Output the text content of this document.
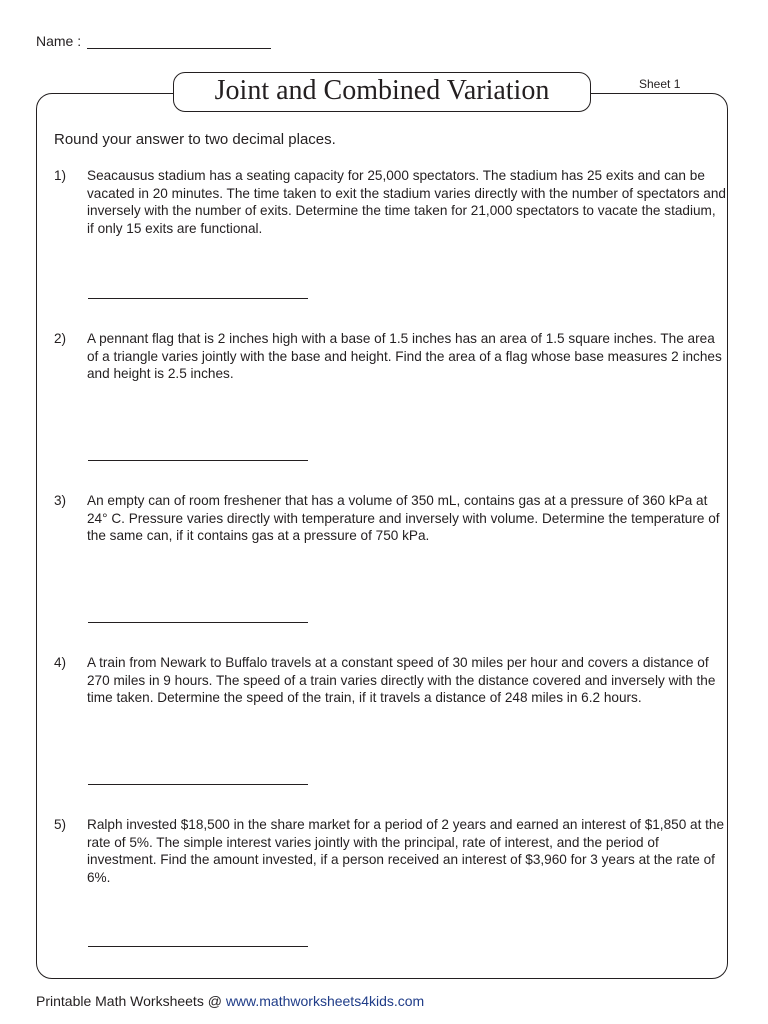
Name :
Joint and Combined Variation	Sheet 1
Round your answer to two decimal places.
1) Seacausus stadium has a seating capacity for 25,000 spectators. The stadium has 25 exits and can be vacated in 20 minutes. The time taken to exit the stadium varies directly with the number of spectators and inversely with the number of exits. Determine the time taken for 21,000 spectators to vacate the stadium, if only 15 exits are functional.
2) A pennant flag that is 2 inches high with a base of 1.5 inches has an area of 1.5 square inches. The area of a triangle varies jointly with the base and height. Find the area of a flag whose base measures 2 inches and height is 2.5 inches.
3) An empty can of room freshener that has a volume of 350 mL, contains gas at a pressure of 360 kPa at 24° C. Pressure varies directly with temperature and inversely with volume. Determine the temperature of the same can, if it contains gas at a pressure of 750 kPa.
4) A train from Newark to Buffalo travels at a constant speed of 30 miles per hour and covers a distance of 270 miles in 9 hours. The speed of a train varies directly with the distance covered and inversely with the time taken. Determine the speed of the train, if it travels a distance of 248 miles in 6.2 hours.
5) Ralph invested $18,500 in the share market for a period of 2 years and earned an interest of $1,850 at the rate of 5%. The simple interest varies jointly with the principal, rate of interest, and the period of investment. Find the amount invested, if a person received an interest of $3,960 for 3 years at the rate of 6%.
Printable Math Worksheets @ www.mathworksheets4kids.com
